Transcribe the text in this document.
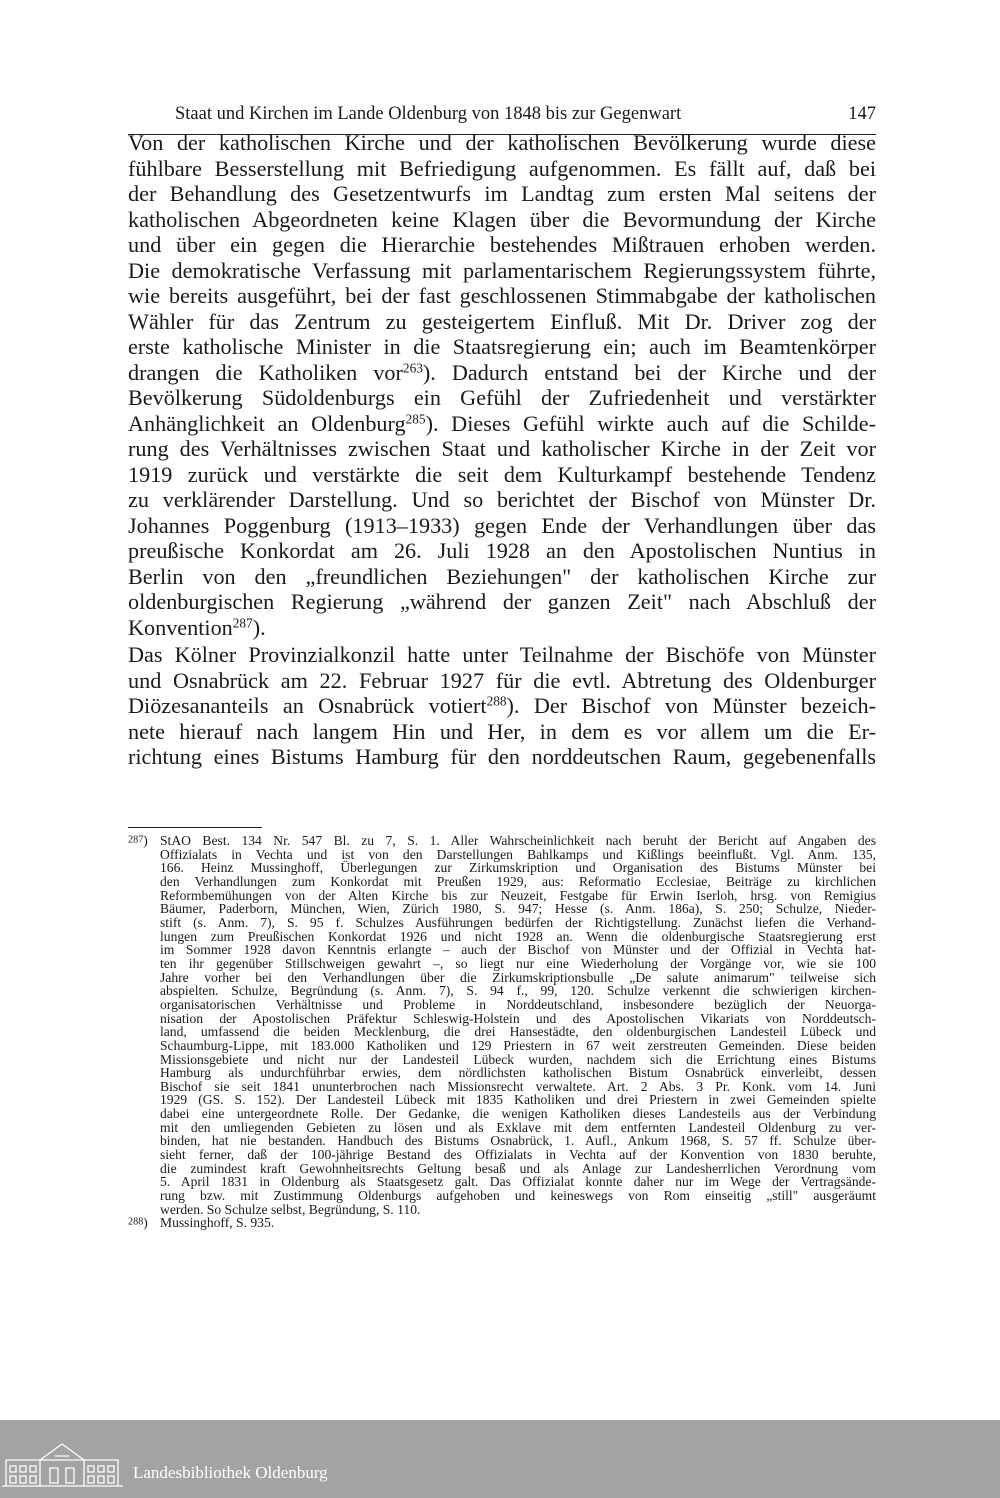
Staat und Kirchen im Lande Oldenburg von 1848 bis zur Gegenwart	147
Von der katholischen Kirche und der katholischen Bevölkerung wurde diese
fühlbare Besserstellung mit Befriedigung aufgenommen. Es fällt auf, daß bei
der Behandlung des Gesetzentwurfs im Landtag zum ersten Mal seitens der
katholischen Abgeordneten keine Klagen über die Bevormundung der Kirche
und über ein gegen die Hierarchie bestehendes Mißtrauen erhoben werden.
Die demokratische Verfassung mit parlamentarischem Regierungssystem führte,
wie bereits ausgeführt, bei der fast geschlossenen Stimmabgabe der katholischen
Wähler für das Zentrum zu gesteigertem Einfluß. Mit Dr. Driver zog der
erste katholische Minister in die Staatsregierung ein; auch im Beamtenkörper
drangen die Katholiken vor$^{263}$). Dadurch entstand bei der Kirche und der
Bevölkerung Südoldenburgs ein Gefühl der Zufriedenheit und verstärkter
Anhänglichkeit an Oldenburg$^{285}$). Dieses Gefühl wirkte auch auf die Schilde-
rung des Verhältnisses zwischen Staat und katholischer Kirche in der Zeit vor
1919 zurück und verstärkte die seit dem Kulturkampf bestehende Tendenz
zu verklärender Darstellung. Und so berichtet der Bischof von Münster Dr.
Johannes Poggenburg (1913–1933) gegen Ende der Verhandlungen über das
preußische Konkordat am 26. Juli 1928 an den Apostolischen Nuntius in
Berlin von den „freundlichen Beziehungen" der katholischen Kirche zur
oldenburgischen Regierung „während der ganzen Zeit" nach Abschluß der
Konvention$^{287}$).
Das Kölner Provinzialkonzil hatte unter Teilnahme der Bischöfe von Münster
und Osnabrück am 22. Februar 1927 für die evtl. Abtretung des Oldenburger
Diözesananteils an Osnabrück votiert$^{288}$). Der Bischof von Münster bezeich-
nete hierauf nach langem Hin und Her, in dem es vor allem um die Er-
richtung eines Bistums Hamburg für den norddeutschen Raum, gegebenenfalls
$^{287}$) StAO Best. 134 Nr. 547 Bl. zu 7, S. 1. Aller Wahrscheinlichkeit nach beruht der Bericht auf Angaben des
Offizialats in Vechta und ist von den Darstellungen Bahlkamps und Kißlings beeinflußt. Vgl. Anm. 135,
166. Heinz Mussinghoff, Überlegungen zur Zirkumskription und Organisation des Bistums Münster bei
den Verhandlungen zum Konkordat mit Preußen 1929, aus: Reformatio Ecclesiae, Beiträge zu kirchlichen
Reformbemühungen von der Alten Kirche bis zur Neuzeit, Festgabe für Erwin Iserloh, hrsg. von Remigius
Bäumer, Paderborn, München, Wien, Zürich 1980, S. 947; Hesse (s. Anm. 186a), S. 250; Schulze, Nieder-
stift (s. Anm. 7), S. 95 f. Schulzes Ausführungen bedürfen der Richtigstellung. Zunächst liefen die Verhand-
lungen zum Preußischen Konkordat 1926 und nicht 1928 an. Wenn die oldenburgische Staatsregierung erst
im Sommer 1928 davon Kenntnis erlangte – auch der Bischof von Münster und der Offizial in Vechta hat-
ten ihr gegenüber Stillschweigen gewahrt –, so liegt nur eine Wiederholung der Vorgänge vor, wie sie 100
Jahre vorher bei den Verhandlungen über die Zirkumskriptionsbulle „De salute animarum" teilweise sich
abspielten. Schulze, Begründung (s. Anm. 7), S. 94 f., 99, 120. Schulze verkennt die schwierigen kirchen-
organisatorischen Verhältnisse und Probleme in Norddeutschland, insbesondere bezüglich der Neuorga-
nisation der Apostolischen Präfektur Schleswig-Holstein und des Apostolischen Vikariats von Norddeutsch-
land, umfassend die beiden Mecklenburg, die drei Hansestädte, den oldenburgischen Landesteil Lübeck und
Schaumburg-Lippe, mit 183.000 Katholiken und 129 Priestern in 67 weit zerstreuten Gemeinden. Diese beiden
Missionsgebiete und nicht nur der Landesteil Lübeck wurden, nachdem sich die Errichtung eines Bistums
Hamburg als undurchführbar erwies, dem nördlichsten katholischen Bistum Osnabrück einverleibt, dessen
Bischof sie seit 1841 ununterbrochen nach Missionsrecht verwaltete. Art. 2 Abs. 3 Pr. Konk. vom 14. Juni
1929 (GS. S. 152). Der Landesteil Lübeck mit 1835 Katholiken und drei Priestern in zwei Gemeinden spielte
dabei eine untergeordnete Rolle. Der Gedanke, die wenigen Katholiken dieses Landesteils aus der Verbindung
mit den umliegenden Gebieten zu lösen und als Exklave mit dem entfernten Landesteil Oldenburg zu ver-
binden, hat nie bestanden. Handbuch des Bistums Osnabrück, 1. Aufl., Ankum 1968, S. 57 ff. Schulze über-
sieht ferner, daß der 100-jährige Bestand des Offizialats in Vechta auf der Konvention von 1830 beruhte,
die zumindest kraft Gewohnheitsrechts Geltung besaß und als Anlage zur Landesherrlichen Verordnung vom
5. April 1831 in Oldenburg als Staatsgesetz galt. Das Offizialat konnte daher nur im Wege der Vertragsände-
rung bzw. mit Zustimmung Oldenburgs aufgehoben und keineswegs von Rom einseitig „still" ausgeräumt
werden. So Schulze selbst, Begründung, S. 110.
$^{288}$) Mussinghoff, S. 935.
Landesbibliothek Oldenburg
